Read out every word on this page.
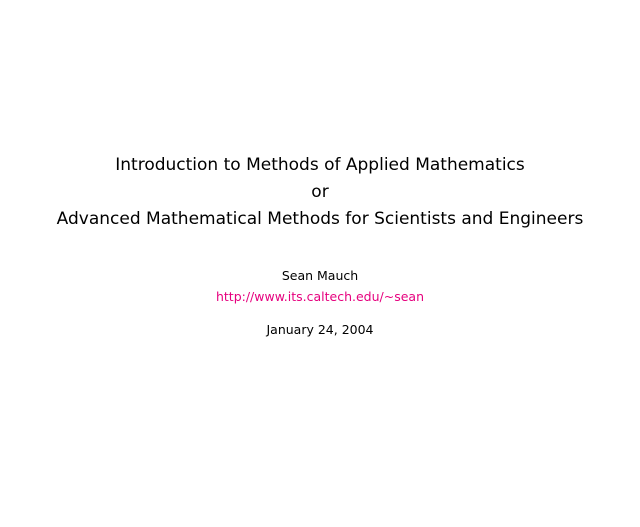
Introduction to Methods of Applied Mathematics

or

Advanced Mathematical Methods for Scientists and Engineers

Sean Mauch

http://www.its.caltech.edu/~sean

January 24, 2004
